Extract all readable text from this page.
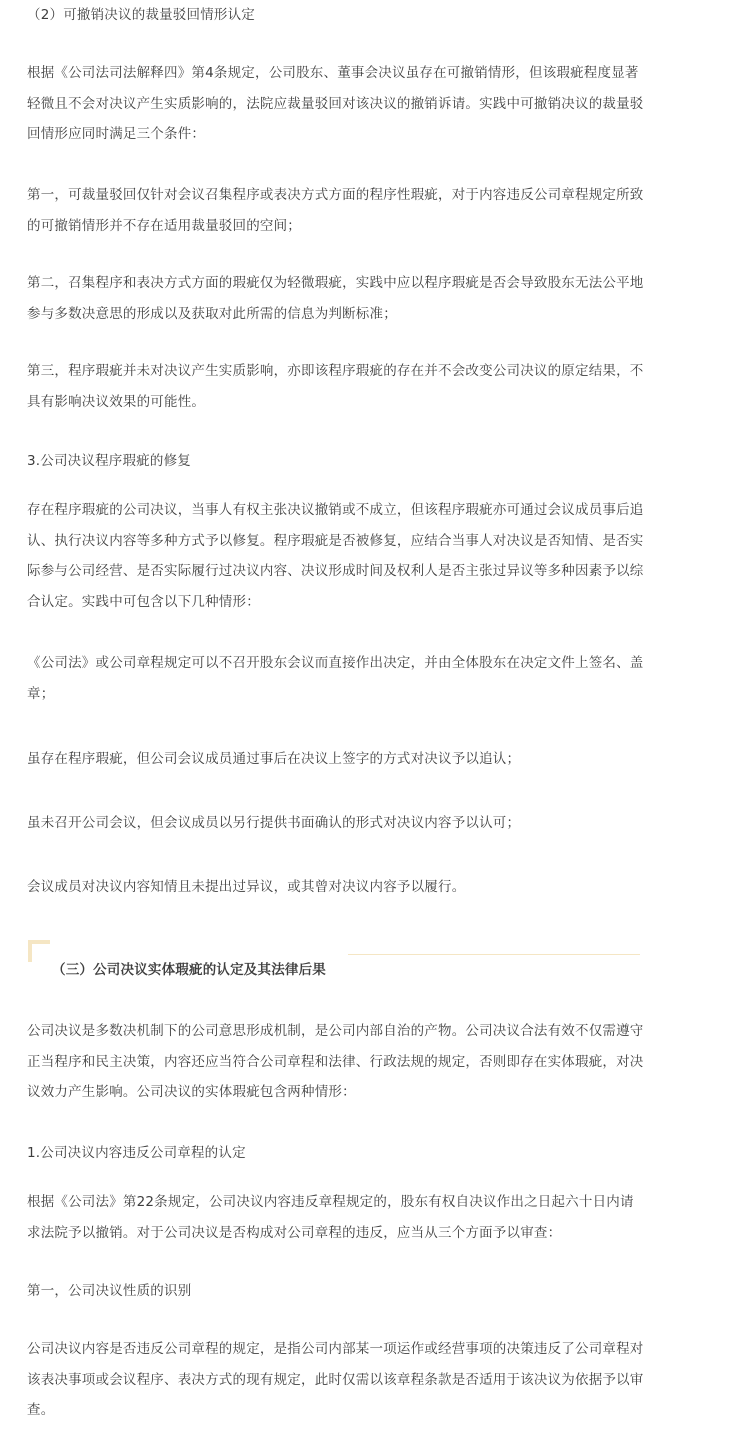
（2）可撤销决议的裁量驳回情形认定

根据《公司法司法解释四》第4条规定，公司股东、董事会决议虽存在可撤销情形，但该瑕疵程度显著
轻微且不会对决议产生实质影响的，法院应裁量驳回对该决议的撤销诉请。实践中可撤销决议的裁量驳
回情形应同时满足三个条件：

第一，可裁量驳回仅针对会议召集程序或表决方式方面的程序性瑕疵，对于内容违反公司章程规定所致
的可撤销情形并不存在适用裁量驳回的空间；

第二，召集程序和表决方式方面的瑕疵仅为轻微瑕疵，实践中应以程序瑕疵是否会导致股东无法公平地
参与多数决意思的形成以及获取对此所需的信息为判断标准；

第三，程序瑕疵并未对决议产生实质影响，亦即该程序瑕疵的存在并不会改变公司决议的原定结果，不
具有影响决议效果的可能性。

3.公司决议程序瑕疵的修复

存在程序瑕疵的公司决议，当事人有权主张决议撤销或不成立，但该程序瑕疵亦可通过会议成员事后追
认、执行决议内容等多种方式予以修复。程序瑕疵是否被修复，应结合当事人对决议是否知情、是否实
际参与公司经营、是否实际履行过决议内容、决议形成时间及权利人是否主张过异议等多种因素予以综
合认定。实践中可包含以下几种情形：

《公司法》或公司章程规定可以不召开股东会议而直接作出决定，并由全体股东在决定文件上签名、盖
章；

虽存在程序瑕疵，但公司会议成员通过事后在决议上签字的方式对决议予以追认；

虽未召开公司会议，但会议成员以另行提供书面确认的形式对决议内容予以认可；

会议成员对决议内容知情且未提出过异议，或其曾对决议内容予以履行。

（三）公司决议实体瑕疵的认定及其法律后果

公司决议是多数决机制下的公司意思形成机制，是公司内部自治的产物。公司决议合法有效不仅需遵守
正当程序和民主决策，内容还应当符合公司章程和法律、行政法规的规定，否则即存在实体瑕疵，对决
议效力产生影响。公司决议的实体瑕疵包含两种情形：

1.公司决议内容违反公司章程的认定

根据《公司法》第22条规定，公司决议内容违反章程规定的，股东有权自决议作出之日起六十日内请
求法院予以撤销。对于公司决议是否构成对公司章程的违反，应当从三个方面予以审查：

第一，公司决议性质的识别

公司决议内容是否违反公司章程的规定，是指公司内部某一项运作或经营事项的决策违反了公司章程对
该表决事项或会议程序、表决方式的现有规定，此时仅需以该章程条款是否适用于该决议为依据予以审
查。
